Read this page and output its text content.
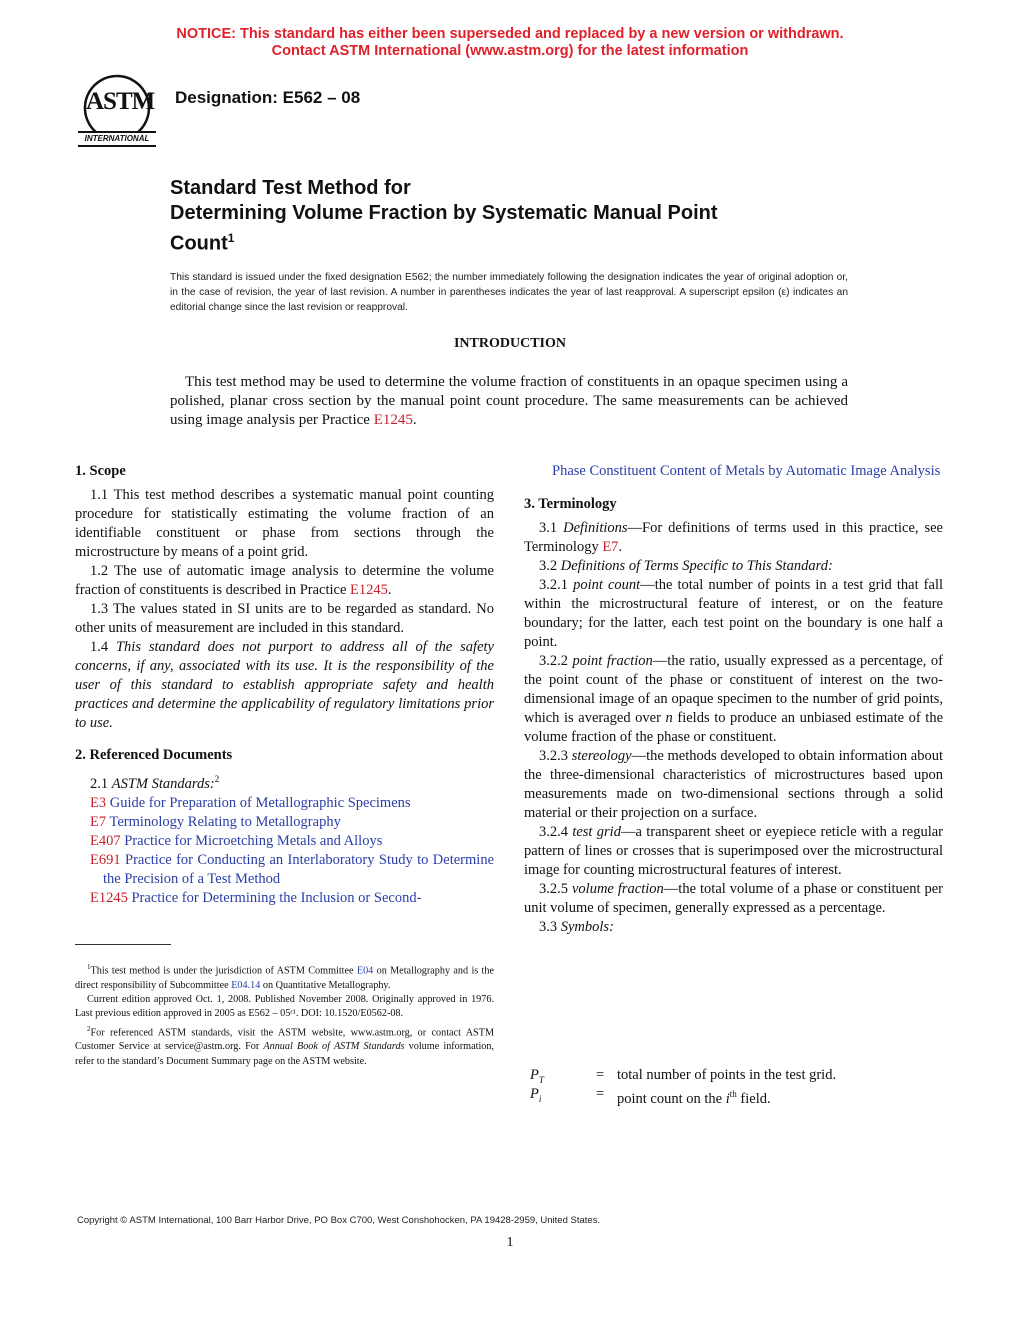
NOTICE: This standard has either been superseded and replaced by a new version or withdrawn.
Contact ASTM International (www.astm.org) for the latest information
ASTM
INTERNATIONAL
Designation: E562 – 08
Standard Test Method for
Determining Volume Fraction by Systematic Manual Point
Count$^1$
This standard is issued under the fixed designation E562; the number immediately following the designation indicates the year of original adoption or, in the case of revision, the year of last revision. A number in parentheses indicates the year of last reapproval. A superscript epsilon (ε) indicates an editorial change since the last revision or reapproval.
INTRODUCTION
This test method may be used to determine the volume fraction of constituents in an opaque specimen using a polished, planar cross section by the manual point count procedure. The same measurements can be achieved using image analysis per Practice E1245.
1. Scope

1.1 This test method describes a systematic manual point counting procedure for statistically estimating the volume fraction of an identifiable constituent or phase from sections through the microstructure by means of a point grid.

1.2 The use of automatic image analysis to determine the volume fraction of constituents is described in Practice E1245.

1.3 The values stated in SI units are to be regarded as standard. No other units of measurement are included in this standard.

1.4 This standard does not purport to address all of the safety concerns, if any, associated with its use. It is the responsibility of the user of this standard to establish appropriate safety and health practices and determine the applicability of regulatory limitations prior to use.

2. Referenced Documents

2.1 ASTM Standards:$^2$

E3 Guide for Preparation of Metallographic Specimens

E7 Terminology Relating to Metallography

E407 Practice for Microetching Metals and Alloys

E691 Practice for Conducting an Interlaboratory Study to Determine the Precision of a Test Method

E1245 Practice for Determining the Inclusion or Second-

$^1$This test method is under the jurisdiction of ASTM Committee E04 on Metallography and is the direct responsibility of Subcommittee E04.14 on Quantitative Metallography.

Current edition approved Oct. 1, 2008. Published November 2008. Originally approved in 1976. Last previous edition approved in 2005 as E562 – 05ᵋ¹. DOI: 10.1520/E0562-08.

$^2$For referenced ASTM standards, visit the ASTM website, www.astm.org, or contact ASTM Customer Service at service@astm.org. For Annual Book of ASTM Standards volume information, refer to the standard’s Document Summary page on the ASTM website.

Phase Constituent Content of Metals by Automatic Image Analysis

3. Terminology

3.1 Definitions—For definitions of terms used in this practice, see Terminology E7.

3.2 Definitions of Terms Specific to This Standard:

3.2.1 point count—the total number of points in a test grid that fall within the microstructural feature of interest, or on the feature boundary; for the latter, each test point on the boundary is one half a point.

3.2.2 point fraction—the ratio, usually expressed as a percentage, of the point count of the phase or constituent of interest on the two-dimensional image of an opaque specimen to the number of grid points, which is averaged over n fields to produce an unbiased estimate of the volume fraction of the phase or constituent.

3.2.3 stereology—the methods developed to obtain information about the three-dimensional characteristics of microstructures based upon measurements made on two-dimensional sections through a solid material or their projection on a surface.

3.2.4 test grid—a transparent sheet or eyepiece reticle with a regular pattern of lines or crosses that is superimposed over the microstructural image for counting microstructural features of interest.

3.2.5 volume fraction—the total volume of a phase or constituent per unit volume of specimen, generally expressed as a percentage.

3.3 Symbols:

$P_T$	= total number of points in the test grid.
$P_i$	= point count on the $i^{th}$ field.
Copyright © ASTM International, 100 Barr Harbor Drive, PO Box C700, West Conshohocken, PA 19428-2959, United States.
1
